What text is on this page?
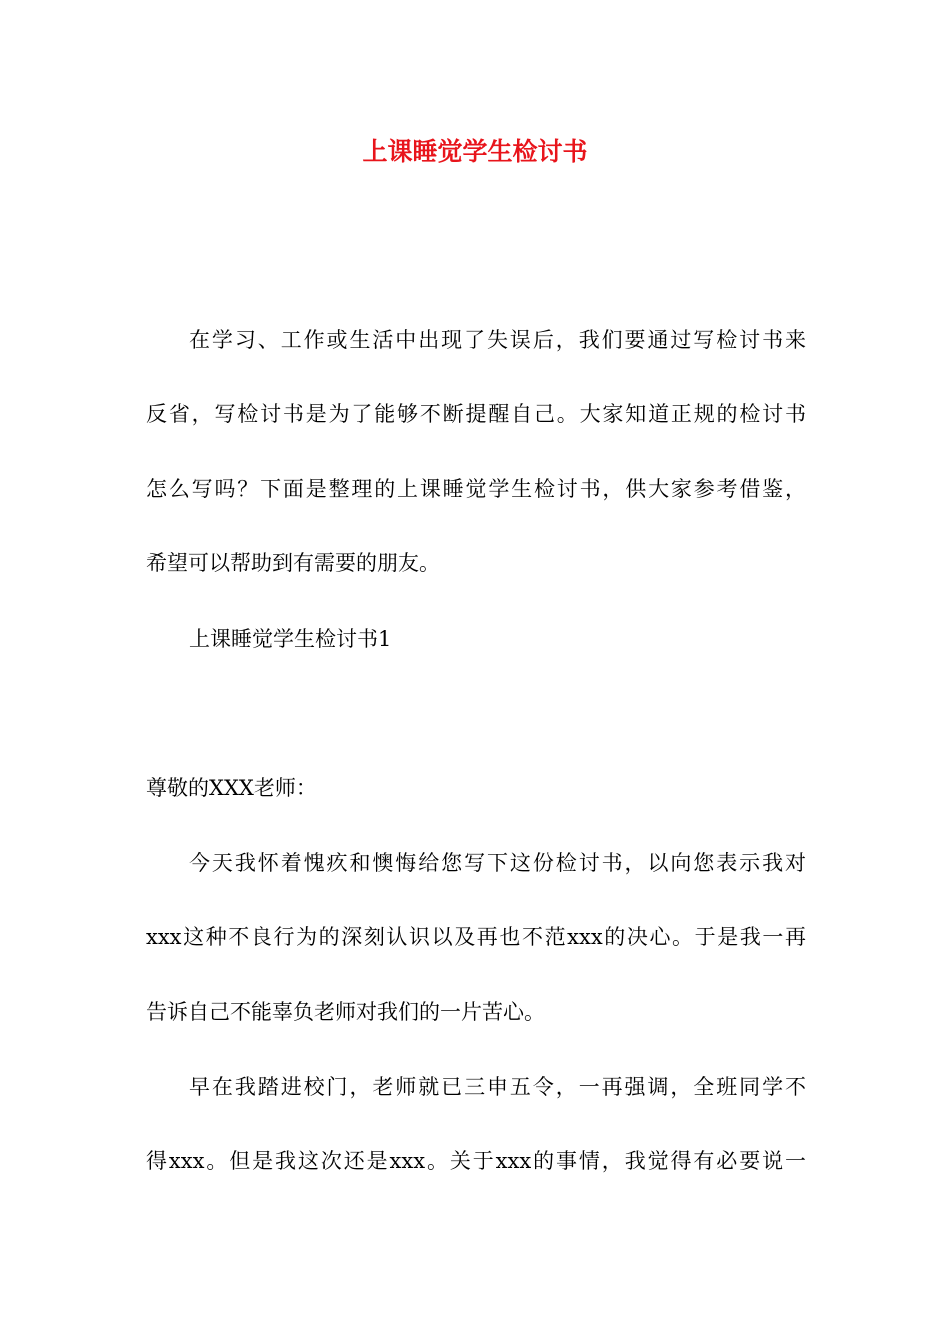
上课睡觉学生检讨书

在学习、工作或生活中出现了失误后，我们要通过写检讨书来

反省，写检讨书是为了能够不断提醒自己。大家知道正规的检讨书

怎么写吗？下面是整理的上课睡觉学生检讨书，供大家参考借鉴，

希望可以帮助到有需要的朋友。

上课睡觉学生检讨书1

尊敬的XXX老师：

今天我怀着愧疚和懊悔给您写下这份检讨书，以向您表示我对

xxx这种不良行为的深刻认识以及再也不范xxx的决心。于是我一再

告诉自己不能辜负老师对我们的一片苦心。

早在我踏进校门，老师就已三申五令，一再强调，全班同学不

得xxx。但是我这次还是xxx。关于xxx的事情，我觉得有必要说一
